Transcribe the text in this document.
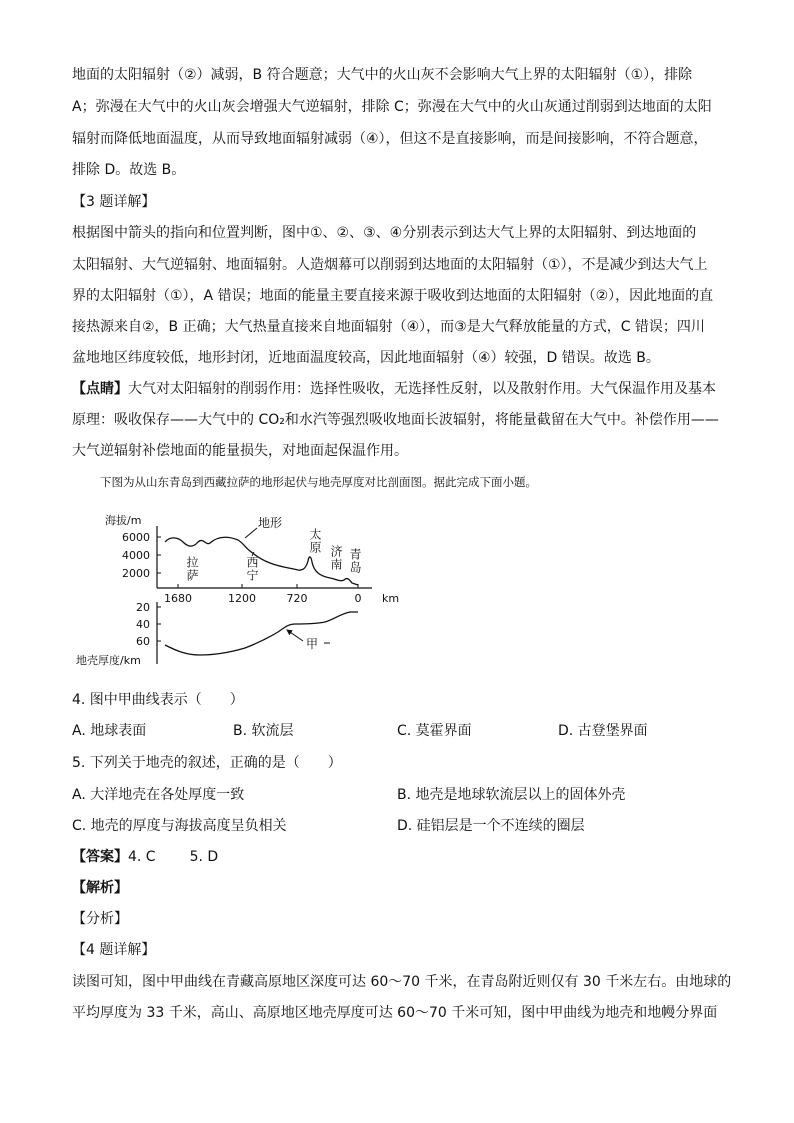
地面的太阳辐射（②）减弱，B 符合题意；大气中的火山灰不会影响大气上界的太阳辐射（①），排除
A；弥漫在大气中的火山灰会增强大气逆辐射，排除 C；弥漫在大气中的火山灰通过削弱到达地面的太阳
辐射而降低地面温度，从而导致地面辐射减弱（④），但这不是直接影响，而是间接影响，不符合题意，
排除 D。故选 B。
【3 题详解】
根据图中箭头的指向和位置判断，图中①、②、③、④分别表示到达大气上界的太阳辐射、到达地面的
太阳辐射、大气逆辐射、地面辐射。人造烟幕可以削弱到达地面的太阳辐射（①），不是减少到达大气上
界的太阳辐射（①），A 错误；地面的能量主要直接来源于吸收到达地面的太阳辐射（②），因此地面的直
接热源来自②，B 正确；大气热量直接来自地面辐射（④），而③是大气释放能量的方式，C 错误；四川
盆地地区纬度较低，地形封闭，近地面温度较高，因此地面辐射（④）较强，D 错误。故选 B。
【点睛】大气对太阳辐射的削弱作用：选择性吸收，无选择性反射，以及散射作用。大气保温作用及基本
原理：吸收保存——大气中的 CO₂和水汽等强烈吸收地面长波辐射，将能量截留在大气中。补偿作用——
大气逆辐射补偿地面的能量损失，对地面起保温作用。
下图为从山东青岛到西藏拉萨的地形起伏与地壳厚度对比剖面图。据此完成下面小题。
海拔/m
6000
4000
2000
1680	1200	720	0	km
20
40
60
地壳厚度/km
地形
甲
拉萨	西宁
太原
济南 青岛
4. 图中甲曲线表示（　　）
A. 地球表面	B. 软流层	C. 莫霍界面	D. 古登堡界面
5. 下列关于地壳的叙述，正确的是（　　）
A. 大洋地壳在各处厚度一致	B. 地壳是地球软流层以上的固体外壳
C. 地壳的厚度与海拔高度呈负相关	D. 硅铝层是一个不连续的圈层
【答案】4. C 5. D
【解析】
【分析】
【4 题详解】
读图可知，图中甲曲线在青藏高原地区深度可达 60～70 千米，在青岛附近则仅有 30 千米左右。由地球的
平均厚度为 33 千米，高山、高原地区地壳厚度可达 60～70 千米可知，图中甲曲线为地壳和地幔分界面
